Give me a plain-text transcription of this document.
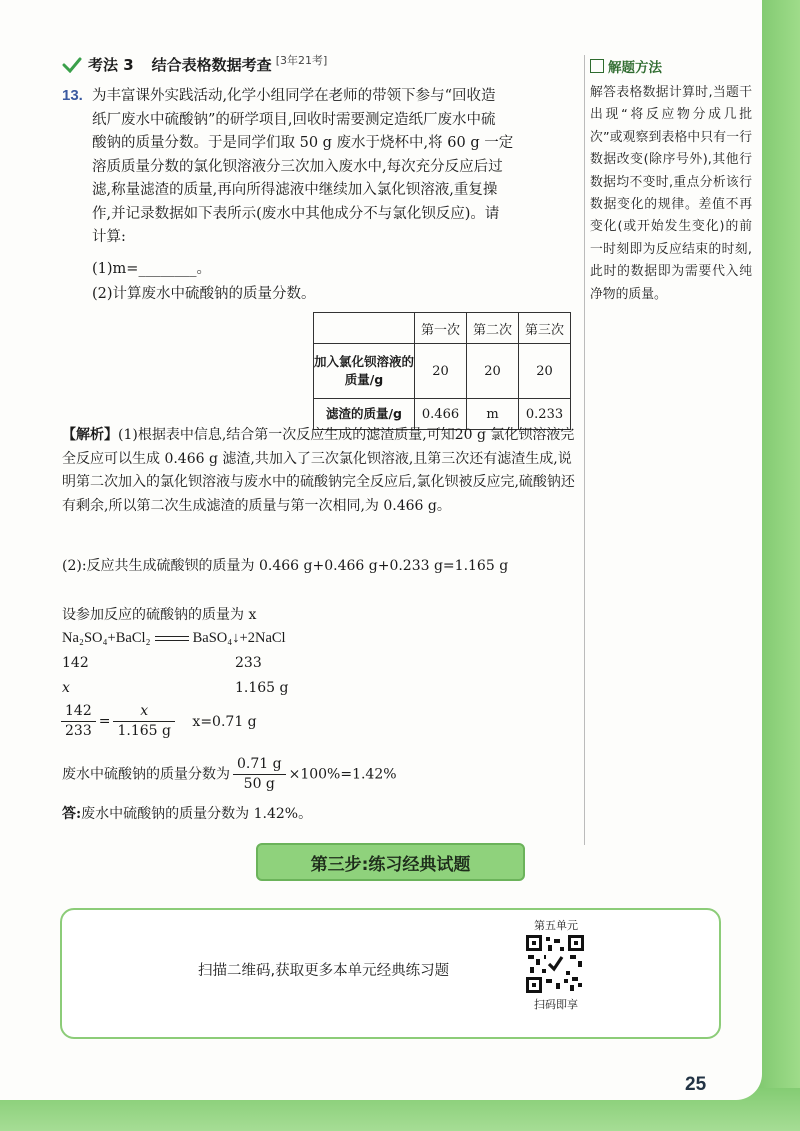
考法 3 结合表格数据考查 [3年21考]
13. 为丰富课外实践活动,化学小组同学在老师的带领下参与“回收造
纸厂废水中硫酸钠”的研学项目,回收时需要测定造纸厂废水中硫
酸钠的质量分数。于是同学们取 50 g 废水于烧杯中,将 60 g 一定
溶质质量分数的氯化钡溶液分三次加入废水中,每次充分反应后过
滤,称量滤渣的质量,再向所得滤液中继续加入氯化钡溶液,重复操
作,并记录数据如下表所示(废水中其他成分不与氯化钡反应)。请
计算:
(1)m=________。
(2)计算废水中硫酸钠的质量分数。
	第一次	第二次	第三次
加入氯化钡溶液的质量/g	20	20	20
滤渣的质量/g	0.466	m	0.233
【解析】(1)根据表中信息,结合第一次反应生成的滤渣质量,可知20 g 氯化钡溶液完全反应可以生成 0.466 g 滤渣,共加入了三次氯化钡溶液,且第三次还有滤渣生成,说明第二次加入的氯化钡溶液与废水中的硫酸钠完全反应后,氯化钡被反应完,硫酸钠还有剩余,所以第二次生成滤渣的质量与第一次相同,为 0.466 g。
(2):反应共生成硫酸钡的质量为 0.466 g+0.466 g+0.233 g=1.165 g
设参加反应的硫酸钠的质量为 x
Na₂SO₄+BaCl₂	BaSO₄↓+2NaCl
142	233
x	1.165 g
$\frac{142}{233} = \frac{x}{1.165 g} x=0.71$ g
废水中硫酸钠的质量分数为 $\frac{0.71 g}{50 g} \times 100\%=1.42\%$
答:废水中硫酸钠的质量分数为 1.42%。
解题方法
解答表格数据计算时,当题干出现“将反应物分成几批次”或观察到表格中只有一行数据改变(除序号外),其他行数据均不变时,重点分析该行数据变化的规律。差值不再变化(或开始发生变化)的前一时刻即为反应结束的时刻,此时的数据即为需要代入纯净物的质量。
第三步:练习经典试题
扫描二维码,获取更多本单元经典练习题
第五单元
扫码即享
25
